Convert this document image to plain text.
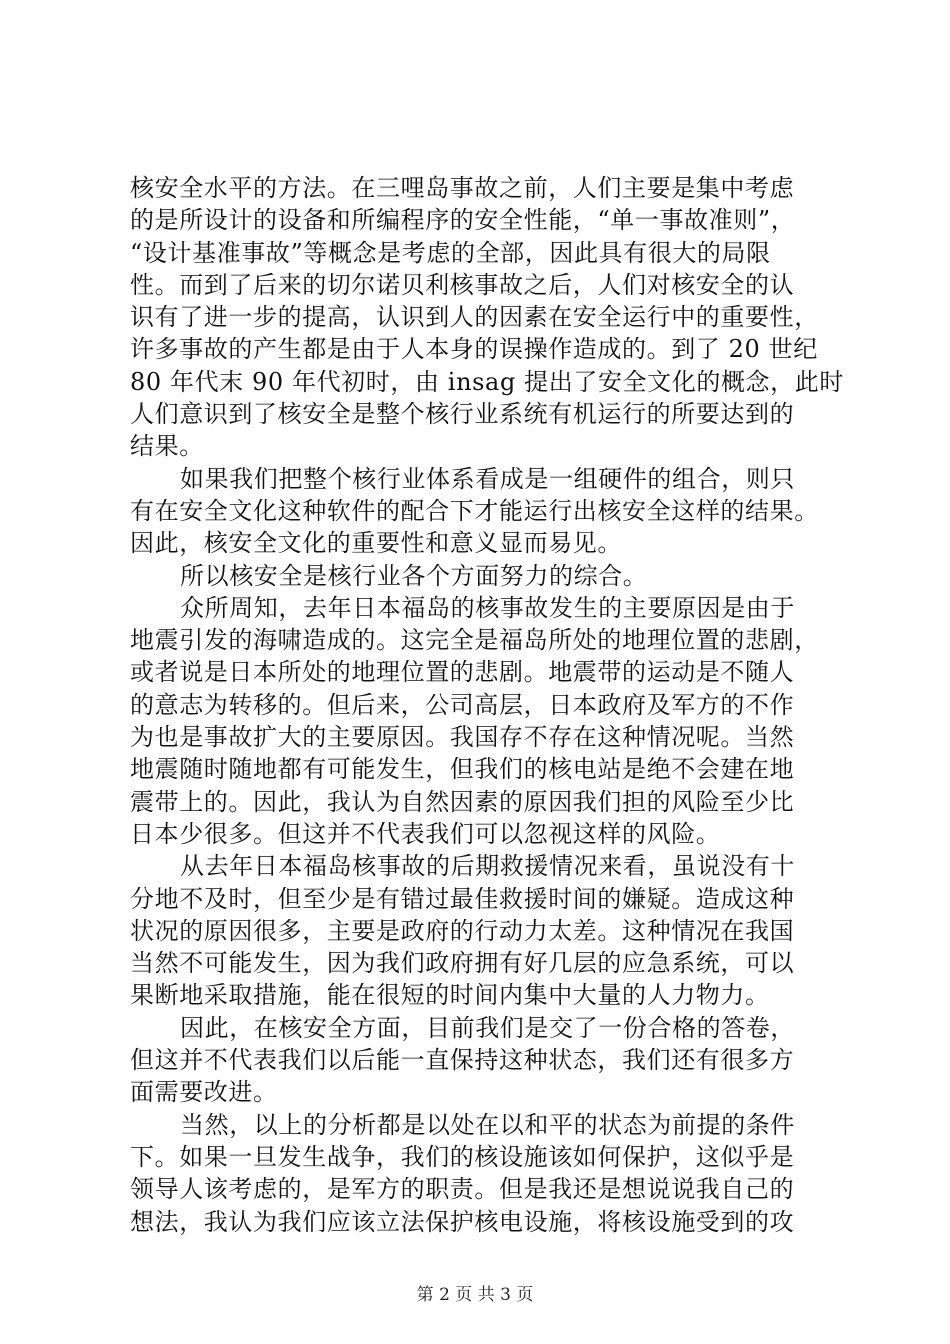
核安全水平的方法。在三哩岛事故之前，人们主要是集中考虑
的是所设计的设备和所编程序的安全性能，“单一事故准则”，
“设计基准事故”等概念是考虑的全部，因此具有很大的局限
性。而到了后来的切尔诺贝利核事故之后，人们对核安全的认
识有了进一步的提高，认识到人的因素在安全运行中的重要性，
许多事故的产生都是由于人本身的误操作造成的。到了 20 世纪
80 年代末 90 年代初时，由 insag 提出了安全文化的概念，此时
人们意识到了核安全是整个核行业系统有机运行的所要达到的
结果。
如果我们把整个核行业体系看成是一组硬件的组合，则只
有在安全文化这种软件的配合下才能运行出核安全这样的结果。
因此，核安全文化的重要性和意义显而易见。
所以核安全是核行业各个方面努力的综合。
众所周知，去年日本福岛的核事故发生的主要原因是由于
地震引发的海啸造成的。这完全是福岛所处的地理位置的悲剧，
或者说是日本所处的地理位置的悲剧。地震带的运动是不随人
的意志为转移的。但后来，公司高层，日本政府及军方的不作
为也是事故扩大的主要原因。我国存不存在这种情况呢。当然
地震随时随地都有可能发生，但我们的核电站是绝不会建在地
震带上的。因此，我认为自然因素的原因我们担的风险至少比
日本少很多。但这并不代表我们可以忽视这样的风险。
从去年日本福岛核事故的后期救援情况来看，虽说没有十
分地不及时，但至少是有错过最佳救援时间的嫌疑。造成这种
状况的原因很多，主要是政府的行动力太差。这种情况在我国
当然不可能发生，因为我们政府拥有好几层的应急系统，可以
果断地采取措施，能在很短的时间内集中大量的人力物力。
因此，在核安全方面，目前我们是交了一份合格的答卷，
但这并不代表我们以后能一直保持这种状态，我们还有很多方
面需要改进。
当然，以上的分析都是以处在以和平的状态为前提的条件
下。如果一旦发生战争，我们的核设施该如何保护，这似乎是
领导人该考虑的，是军方的职责。但是我还是想说说我自己的
想法，我认为我们应该立法保护核电设施，将核设施受到的攻
第 2 页 共 3 页
